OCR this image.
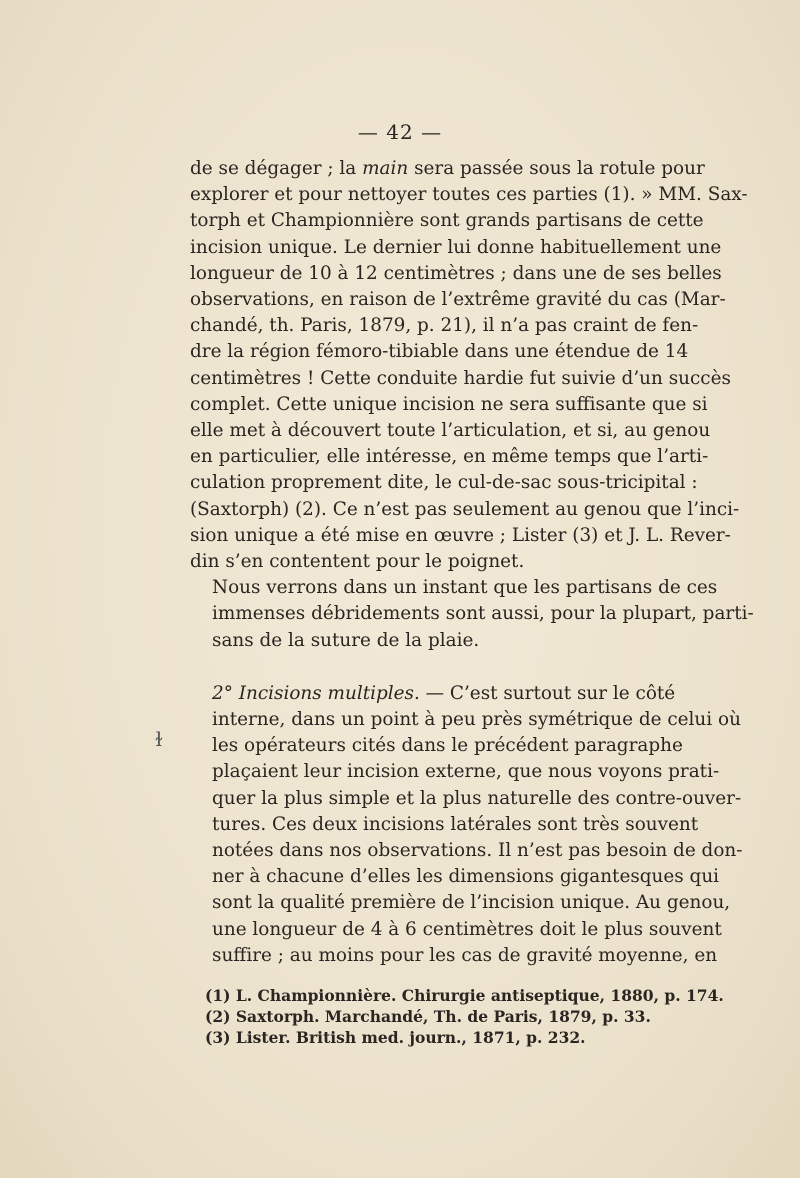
— 42 —

de se dégager ; la main sera passée sous la rotule pour
explorer et pour nettoyer toutes ces parties (1). » MM. Sax-
torph et Championnière sont grands partisans de cette
incision unique. Le dernier lui donne habituellement une
longueur de 10 à 12 centimètres ; dans une de ses belles
observations, en raison de l’extrême gravité du cas (Mar-
chandé, th. Paris, 1879, p. 21), il n’a pas craint de fen-
dre la région fémoro-tibiable dans une étendue de 14
centimètres ! Cette conduite hardie fut suivie d’un succès
complet. Cette unique incision ne sera suffisante que si
elle met à découvert toute l’articulation, et si, au genou
en particulier, elle intéresse, en même temps que l’arti-
culation proprement dite, le cul-de-sac sous-tricipital :
(Saxtorph) (2). Ce n’est pas seulement au genou que l’inci-
sion unique a été mise en œuvre ; Lister (3) et J. L. Rever-
din s’en contentent pour le poignet.

Nous verrons dans un instant que les partisans de ces
immenses débridements sont aussi, pour la plupart, parti-
sans de la suture de la plaie.

2° Incisions multiples. — C’est surtout sur le côté
interne, dans un point à peu près symétrique de celui où
les opérateurs cités dans le précédent paragraphe
plaçaient leur incision externe, que nous voyons prati-
quer la plus simple et la plus naturelle des contre-ouver-
tures. Ces deux incisions latérales sont très souvent
notées dans nos observations. Il n’est pas besoin de don-
ner à chacune d’elles les dimensions gigantesques qui
sont la qualité première de l’incision unique. Au genou,
une longueur de 4 à 6 centimètres doit le plus souvent
suffire ; au moins pour les cas de gravité moyenne, en

ɫ
(1) L. Championnière. Chirurgie antiseptique, 1880, p. 174.
(2) Saxtorph. Marchandé, Th. de Paris, 1879, p. 33.
(3) Lister. British med. journ., 1871, p. 232.
